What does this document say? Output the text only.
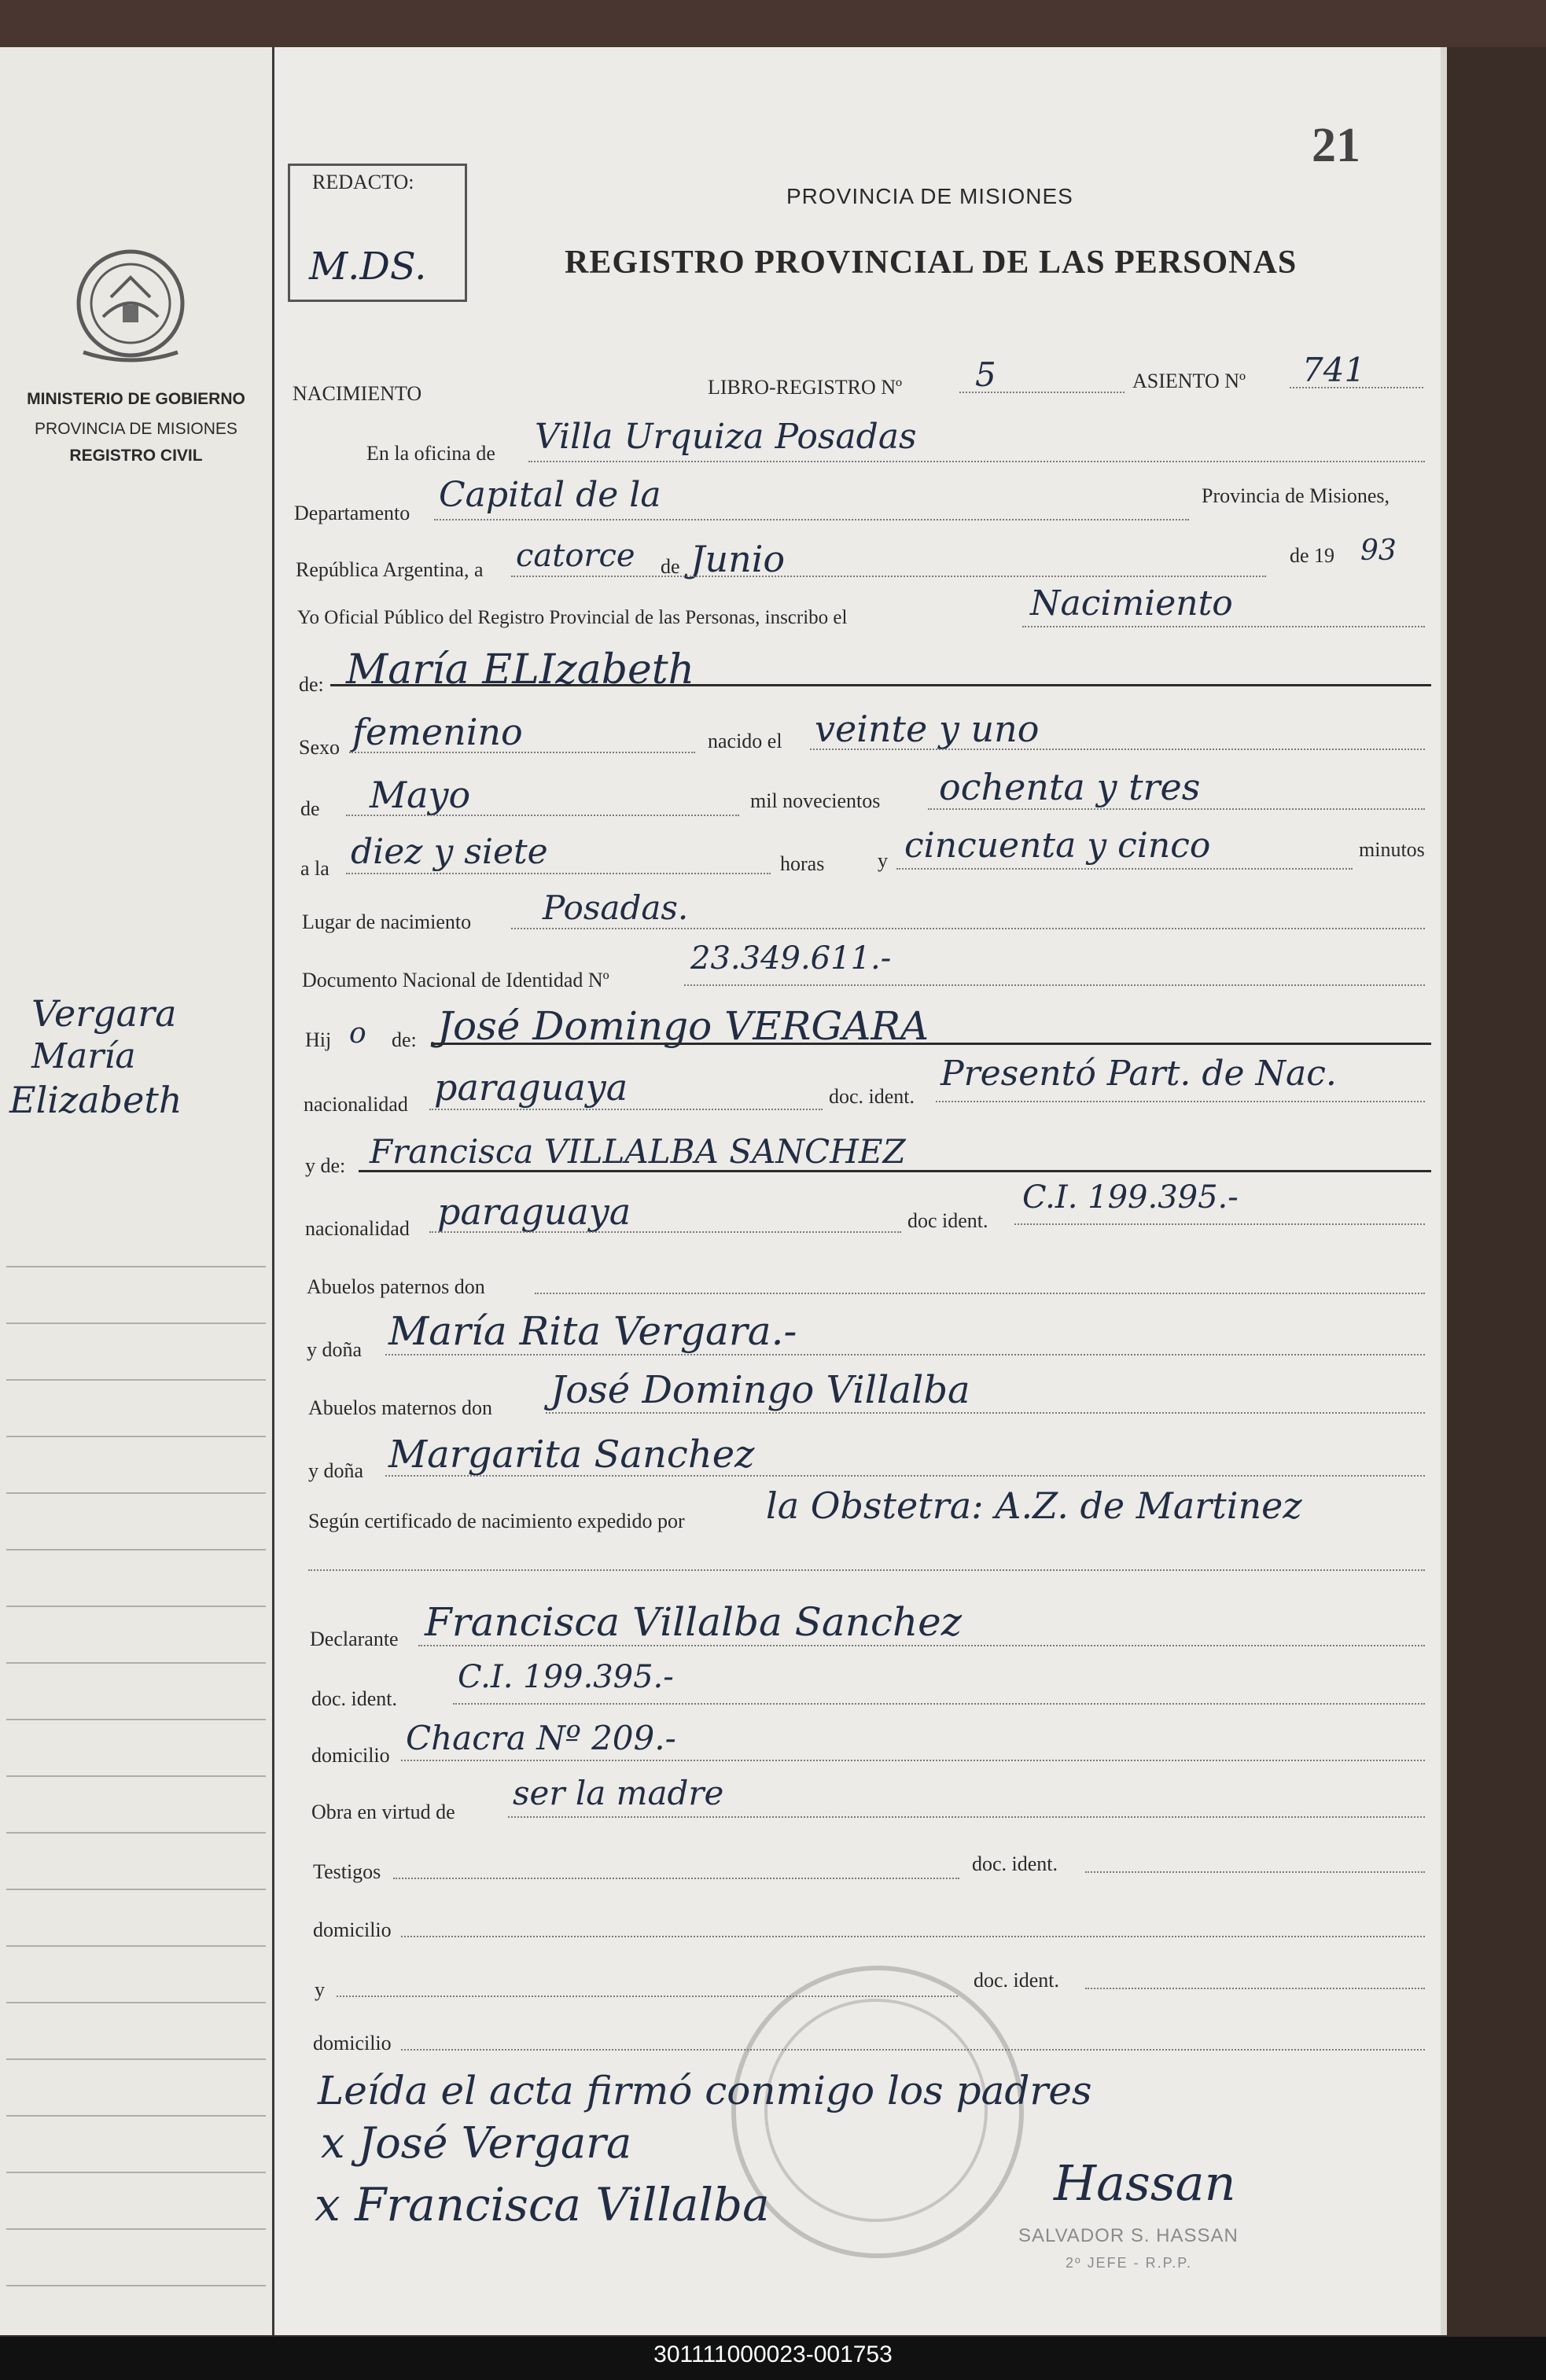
MINISTERIO DE GOBIERNO
PROVINCIA DE MISIONES
REGISTRO CIVIL
Vergara
María
Elizabeth
REDACTO:
M.DS.
21
PROVINCIA DE MISIONES
REGISTRO PROVINCIAL DE LAS PERSONAS
NACIMIENTO	LIBRO-REGISTRO Nº 5	ASIENTO Nº 741
En la oficina de Villa Urquiza Posadas
Departamento Capital de la	Provincia de Misiones,
República Argentina, a catorce de Junio	de 19 93
Yo Oficial Público del Registro Provincial de las Personas, inscribo el	Nacimiento
de: María ELIzabeth
Sexo femenino	nacido el veinte y uno
de Mayo	mil novecientos ochenta y tres
a la diez y siete	horas	y cincuenta y cinco	minutos
Lugar de nacimiento Posadas.
Documento Nacional de Identidad Nº
23.349.611.-
Hij o de: José Domingo VERGARA
nacionalidad paraguaya	doc. ident.
Presentó Part. de Nac.
y de: Francisca VILLALBA SANCHEZ
nacionalidad paraguaya	doc ident.
C.I. 199.395.-
Abuelos paternos don
y doña María Rita Vergara.-
Abuelos maternos don José Domingo Villalba
y doña Margarita Sanchez
Según certificado de nacimiento expedido por la Obstetra: A.Z. de Martinez
Declarante Francisca Villalba Sanchez
doc. ident.
C.I. 199.395.-
domicilio Chacra Nº 209.-
Obra en virtud de ser la madre
Testigos	doc. ident.
domicilio
y	doc. ident.
domicilio
Leída el acta firmó conmigo los padres
x José Vergara
x Francisca Villalba	Hassan
SALVADOR S. HASSAN
2º JEFE - R.P.P.
301111000023-001753
